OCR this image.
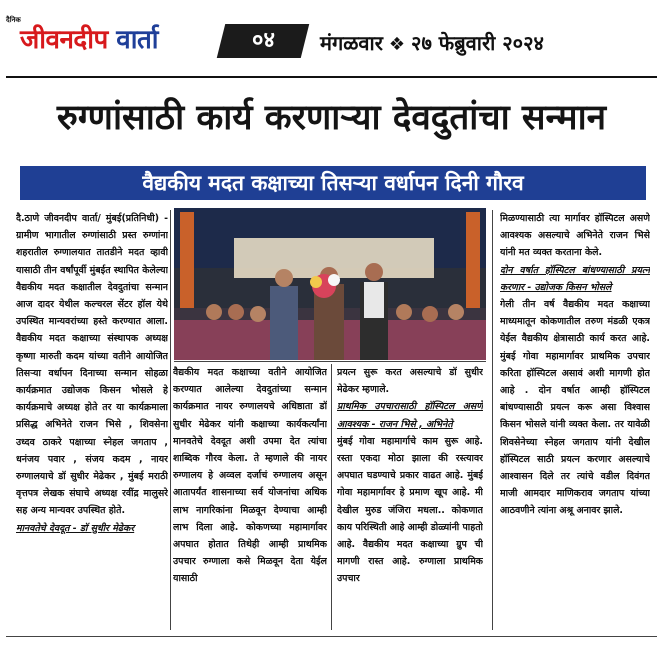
दैनिक
जीवनदीप वार्ता	०४	मंगळवार ❖ २७ फेब्रुवारी २०२४
रुग्णांसाठी कार्य करणाऱ्या देवदुतांचा सन्मान
वैद्यकीय मदत कक्षाच्या तिसऱ्या वर्धापन दिनी गौरव

दै.ठाणे जीवनदीप वार्ता/ मुंबई(प्रतिनिधी) - ग्रामीण भागातील रुग्णांसाठी प्रस्त रुग्णांना शहरातील रुग्णालयात तातडीने मदत व्हावी यासाठी तीन वर्षांपूर्वी मुंबईत स्थापित केलेल्या वैद्यकीय मदत कक्षातील देवदुतांचा सन्मान आज दादर येथील कल्चरल सेंटर हॉल येथे उपस्थित मान्यवरांच्या हस्ते करण्यात आला. वैद्यकीय मदत कक्षाच्या संस्थापक अध्यक्ष कृष्णा मारुती कदम यांच्या वतीने आयोजित तिसऱ्या वर्धापन दिनाच्या सन्मान सोहळा कार्यक्रमात उद्योजक किसन भोसले हे कार्यक्रमाचे अध्यक्ष होते तर या कार्यक्रमाला प्रसिद्ध अभिनेते राजन भिसे , शिवसेना उध्दव ठाकरे पक्षाच्या स्नेहल जगताप , धनंजय पवार , संजय कदम , नायर रुग्णालयाचे डॉ सुधीर मेढेकर , मुंबई मराठी वृत्तपत्र लेखक संघाचे अध्यक्ष रवींद्र मालुसरे सह अन्य मान्यवर उपस्थित होते.

मानवतेचे देवदूत - डॉ सुधीर मेढेकर

वैद्यकीय मदत कक्षाच्या वतीने आयोजित करण्यात आलेल्या देवदुतांच्या सन्मान कार्यक्रमात नायर रुग्णालयचे अधिष्ठाता डॉ सुधीर मेढेकर यांनी कक्षाच्या कार्यकर्त्यांना मानवतेचे देवदूत अशी उपमा देत त्यांचा शाब्दिक गौरव केला. ते म्हणाले की नायर रुग्णालय हे अव्वल दर्जाचं रुग्णालय असून आतापर्यंत शासनाच्या सर्व योजनांचा अधिक लाभ नागरिकांना मिळवून देण्याचा आम्ही लाभ दिला आहे. कोकणच्या महामार्गावर अपघात होतात तिथेही आम्ही प्राथमिक उपचार रुग्णाला कसे मिळवून देता येईल यासाठी

प्रयत्न सुरू करत असल्याचे डॉ सुधीर मेढेकर म्हणाले.

प्राथमिक उपचारासाठी हॉस्पिटल असणे आवश्यक - राजन भिसे , अभिनेते

मुंबई गोवा महामार्गाचे काम सुरू आहे. रस्ता एकदा मोठा झाला की रस्त्यावर अपघात घडण्याचे प्रकार वाढत आहे. मुंबई गोवा महामार्गावर हे प्रमाण खूप आहे. मी देखील मुरुड जंजिरा मधला.. कोकणात काय परिस्थिती आहे आम्ही डोळ्यांनी पाहतो आहे. वैद्यकीय मदत कक्षाच्या ग्रुप ची मागणी रास्त आहे. रुग्णाला प्राथमिक उपचार

मिळण्यासाठी त्या मार्गावर हॉस्पिटल असणे आवश्यक असल्याचे अभिनेते राजन भिसे यांनी मत व्यक्त करताना केले.

दोन वर्षात हॉस्पिटल बांधण्यासाठी प्रयत्न करणार - उद्योजक किसन भोसले

गेली तीन वर्ष वैद्यकीय मदत कक्षाच्या माध्यमातून कोकणातील तरुण मंडळी एकत्र येईल वैद्यकीय क्षेत्रासाठी कार्य करत आहे. मुंबई गोवा महामार्गावर प्राथमिक उपचार करिता हॉस्पिटल असावं अशी मागणी होत आहे . दोन वर्षात आम्ही हॉस्पिटल बांधण्यासाठी प्रयत्न करू असा विश्वास किसन भोसले यांनी व्यक्त केला. तर यावेळी शिवसेनेच्या स्नेहल जगताप यांनी देखील हॉस्पिटल साठी प्रयत्न करणार असल्याचे आश्वासन दिले तर त्यांचे वडील दिवंगत माजी आमदार माणिकराव जगताप यांच्या आठवणीने त्यांना अश्रू अनावर झाले.
